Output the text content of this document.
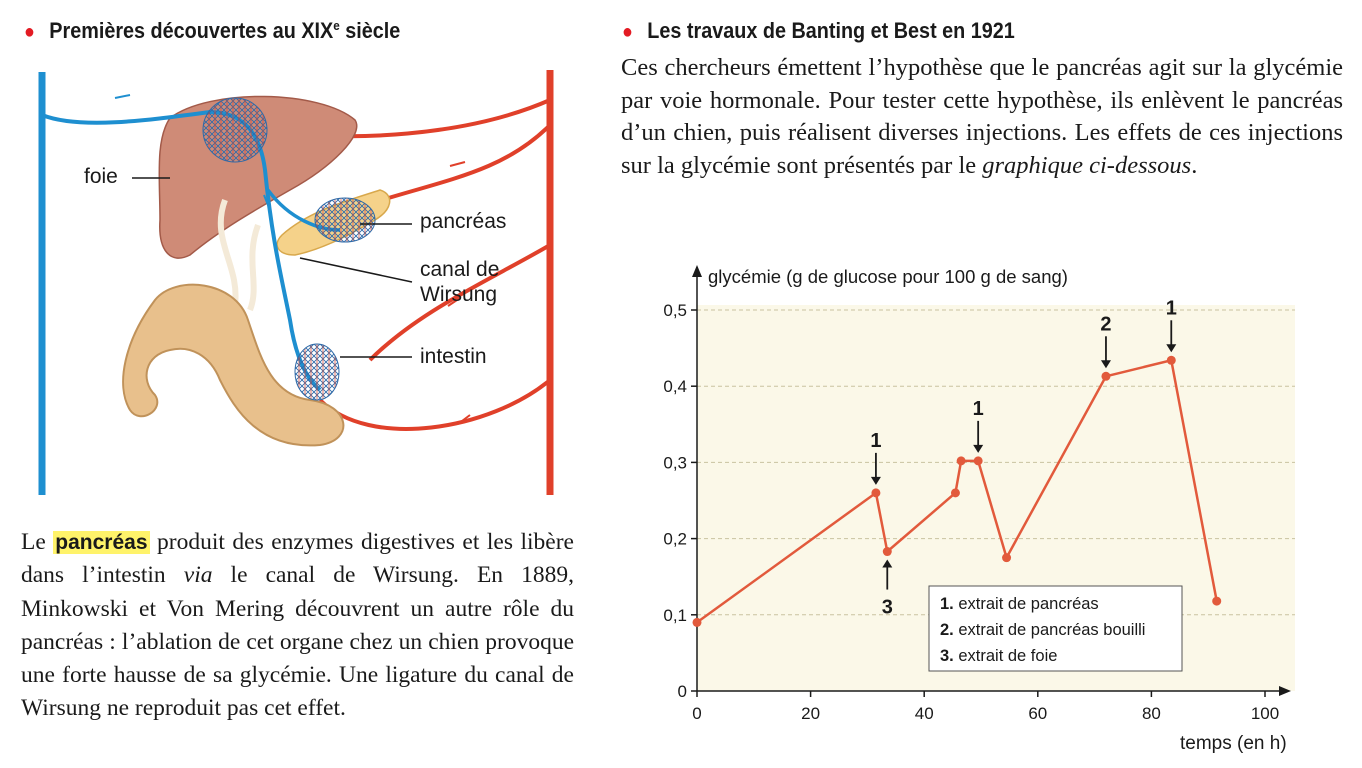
● Premières découvertes au XIXe siècle	● Les travaux de Banting et Best en 1921
Ces chercheurs émettent l’hypothèse que le pancréas agit sur la glycémie par voie hormonale. Pour tester cette hypothèse, ils enlèvent le pancréas d’un chien, puis réalisent diverses injections. Les effets de ces injections sur la glycémie sont présentés par le graphique ci-dessous.
foie
pancréas
canal de
Wirsung
intestin
Le pancréas produit des enzymes digestives et les libère dans l’intestin via le canal de Wirsung. En 1889, Minkowski et Von Mering découvrent un autre rôle du pancréas : l’ablation de cet organe chez un chien provoque une forte hausse de sa glycémie. Une ligature du canal de Wirsung ne reproduit pas cet effet.
glycémie (g de glucose pour 100 g de sang)
temps (en h)
0
0,1
0,2
0,3
0,4
0,5
0	20	40	60	80	100
1
3
1
2
1
1. extrait de pancréas
2. extrait de pancréas bouilli
3. extrait de foie
